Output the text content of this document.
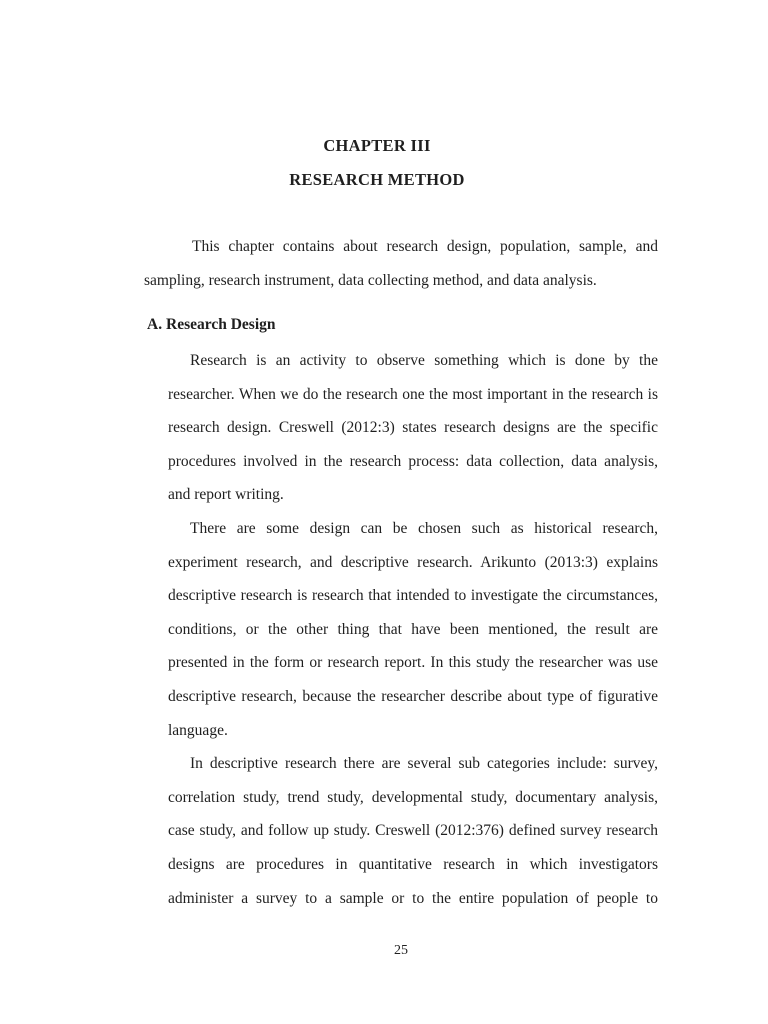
CHAPTER III
RESEARCH METHOD
This chapter contains about research design, population, sample, and
sampling, research instrument, data collecting method, and data analysis.
A. Research Design
Research is an activity to observe something which is done by the
researcher. When we do the research one the most important in the research is
research design. Creswell (2012:3) states research designs are the specific
procedures involved in the research process: data collection, data analysis,
and report writing.
There are some design can be chosen such as historical research,
experiment research, and descriptive research. Arikunto (2013:3) explains
descriptive research is research that intended to investigate the circumstances,
conditions, or the other thing that have been mentioned, the result are
presented in the form or research report. In this study the researcher was use
descriptive research, because the researcher describe about type of figurative
language.
In descriptive research there are several sub categories include: survey,
correlation study, trend study, developmental study, documentary analysis,
case study, and follow up study. Creswell (2012:376) defined survey research
designs are procedures in quantitative research in which investigators
administer a survey to a sample or to the entire population of people to
25
